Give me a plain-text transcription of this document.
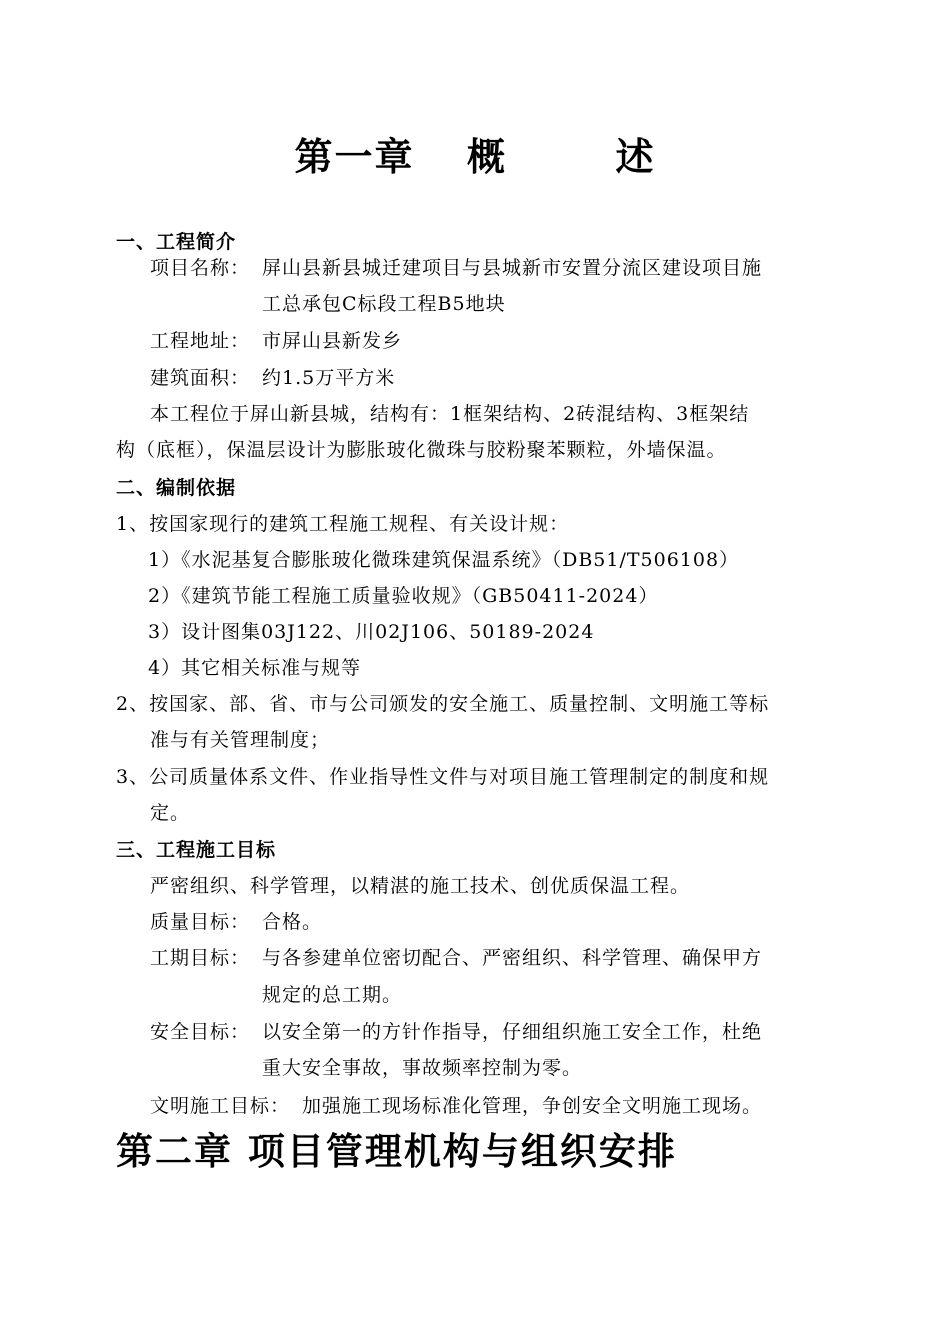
第一章 概	述
一、工程简介
项目名称： 屏山县新县城迁建项目与县城新市安置分流区建设项目施
工总承包C标段工程B5地块
工程地址： 市屏山县新发乡
建筑面积： 约1.5万平方米
本工程位于屏山新县城，结构有：1框架结构、2砖混结构、3框架结
构（底框），保温层设计为膨胀玻化微珠与胶粉聚苯颗粒，外墙保温。
二、编制依据
1、按国家现行的建筑工程施工规程、有关设计规：
1）《水泥基复合膨胀玻化微珠建筑保温系统》（DB51/T506108）
2）《建筑节能工程施工质量验收规》（GB50411-2024）
3）设计图集03J122、川02J106、50189-2024
4）其它相关标准与规等
2、按国家、部、省、市与公司颁发的安全施工、质量控制、文明施工等标
准与有关管理制度；
3、公司质量体系文件、作业指导性文件与对项目施工管理制定的制度和规
定。
三、工程施工目标
严密组织、科学管理，以精湛的施工技术、创优质保温工程。
质量目标： 合格。
工期目标： 与各参建单位密切配合、严密组织、科学管理、确保甲方
规定的总工期。
安全目标： 以安全第一的方针作指导，仔细组织施工安全工作，杜绝
重大安全事故，事故频率控制为零。
文明施工目标： 加强施工现场标准化管理，争创安全文明施工现场。
第二章 项目管理机构与组织安排
